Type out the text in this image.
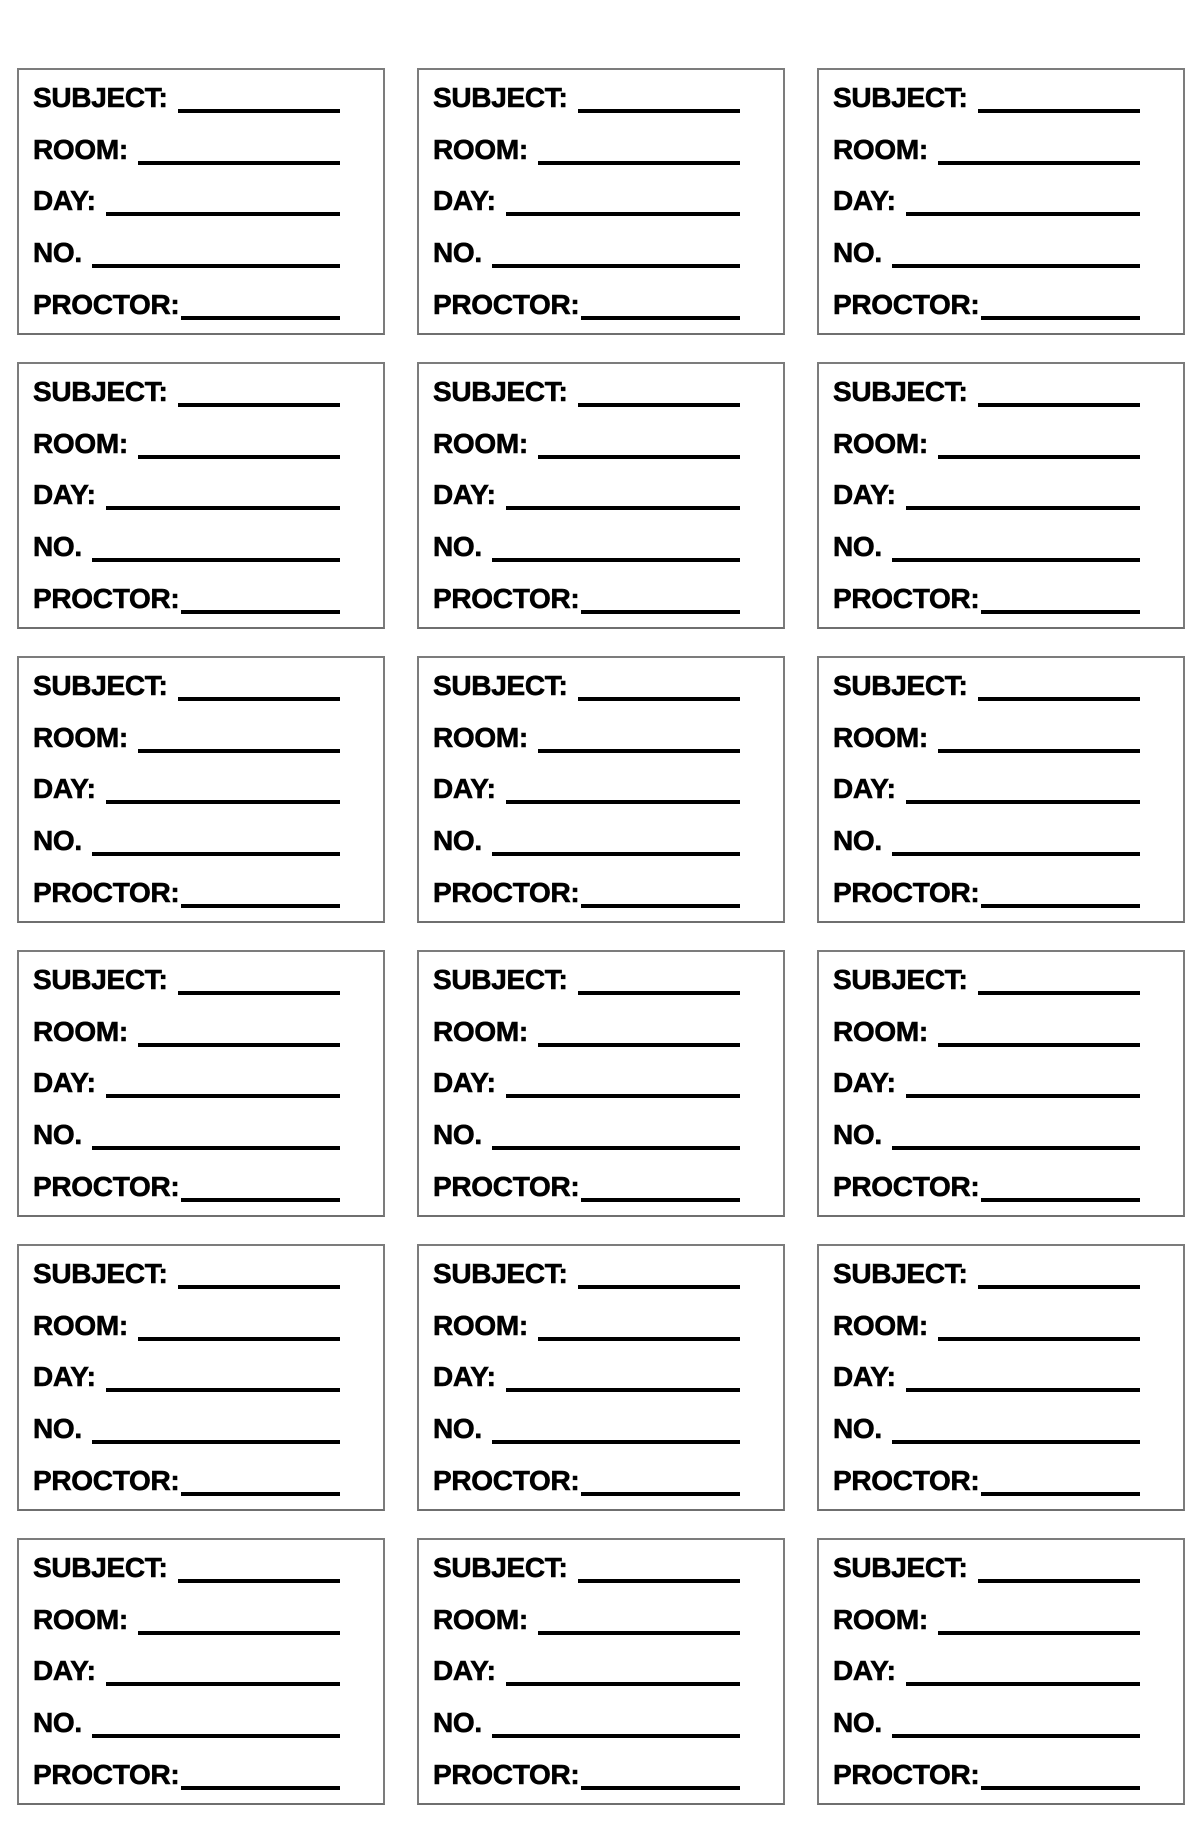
SUBJECT:
ROOM:
DAY:
NO.
PROCTOR:
SUBJECT:
ROOM:
DAY:
NO.
PROCTOR:
SUBJECT:
ROOM:
DAY:
NO.
PROCTOR:
SUBJECT:
ROOM:
DAY:
NO.
PROCTOR:
SUBJECT:
ROOM:
DAY:
NO.
PROCTOR:
SUBJECT:
ROOM:
DAY:
NO.
PROCTOR:
SUBJECT:
ROOM:
DAY:
NO.
PROCTOR:
SUBJECT:
ROOM:
DAY:
NO.
PROCTOR:
SUBJECT:
ROOM:
DAY:
NO.
PROCTOR:
SUBJECT:
ROOM:
DAY:
NO.
PROCTOR:
SUBJECT:
ROOM:
DAY:
NO.
PROCTOR:
SUBJECT:
ROOM:
DAY:
NO.
PROCTOR:
SUBJECT:
ROOM:
DAY:
NO.
PROCTOR:
SUBJECT:
ROOM:
DAY:
NO.
PROCTOR:
SUBJECT:
ROOM:
DAY:
NO.
PROCTOR:
SUBJECT:
ROOM:
DAY:
NO.
PROCTOR:
SUBJECT:
ROOM:
DAY:
NO.
PROCTOR:
SUBJECT:
ROOM:
DAY:
NO.
PROCTOR:
